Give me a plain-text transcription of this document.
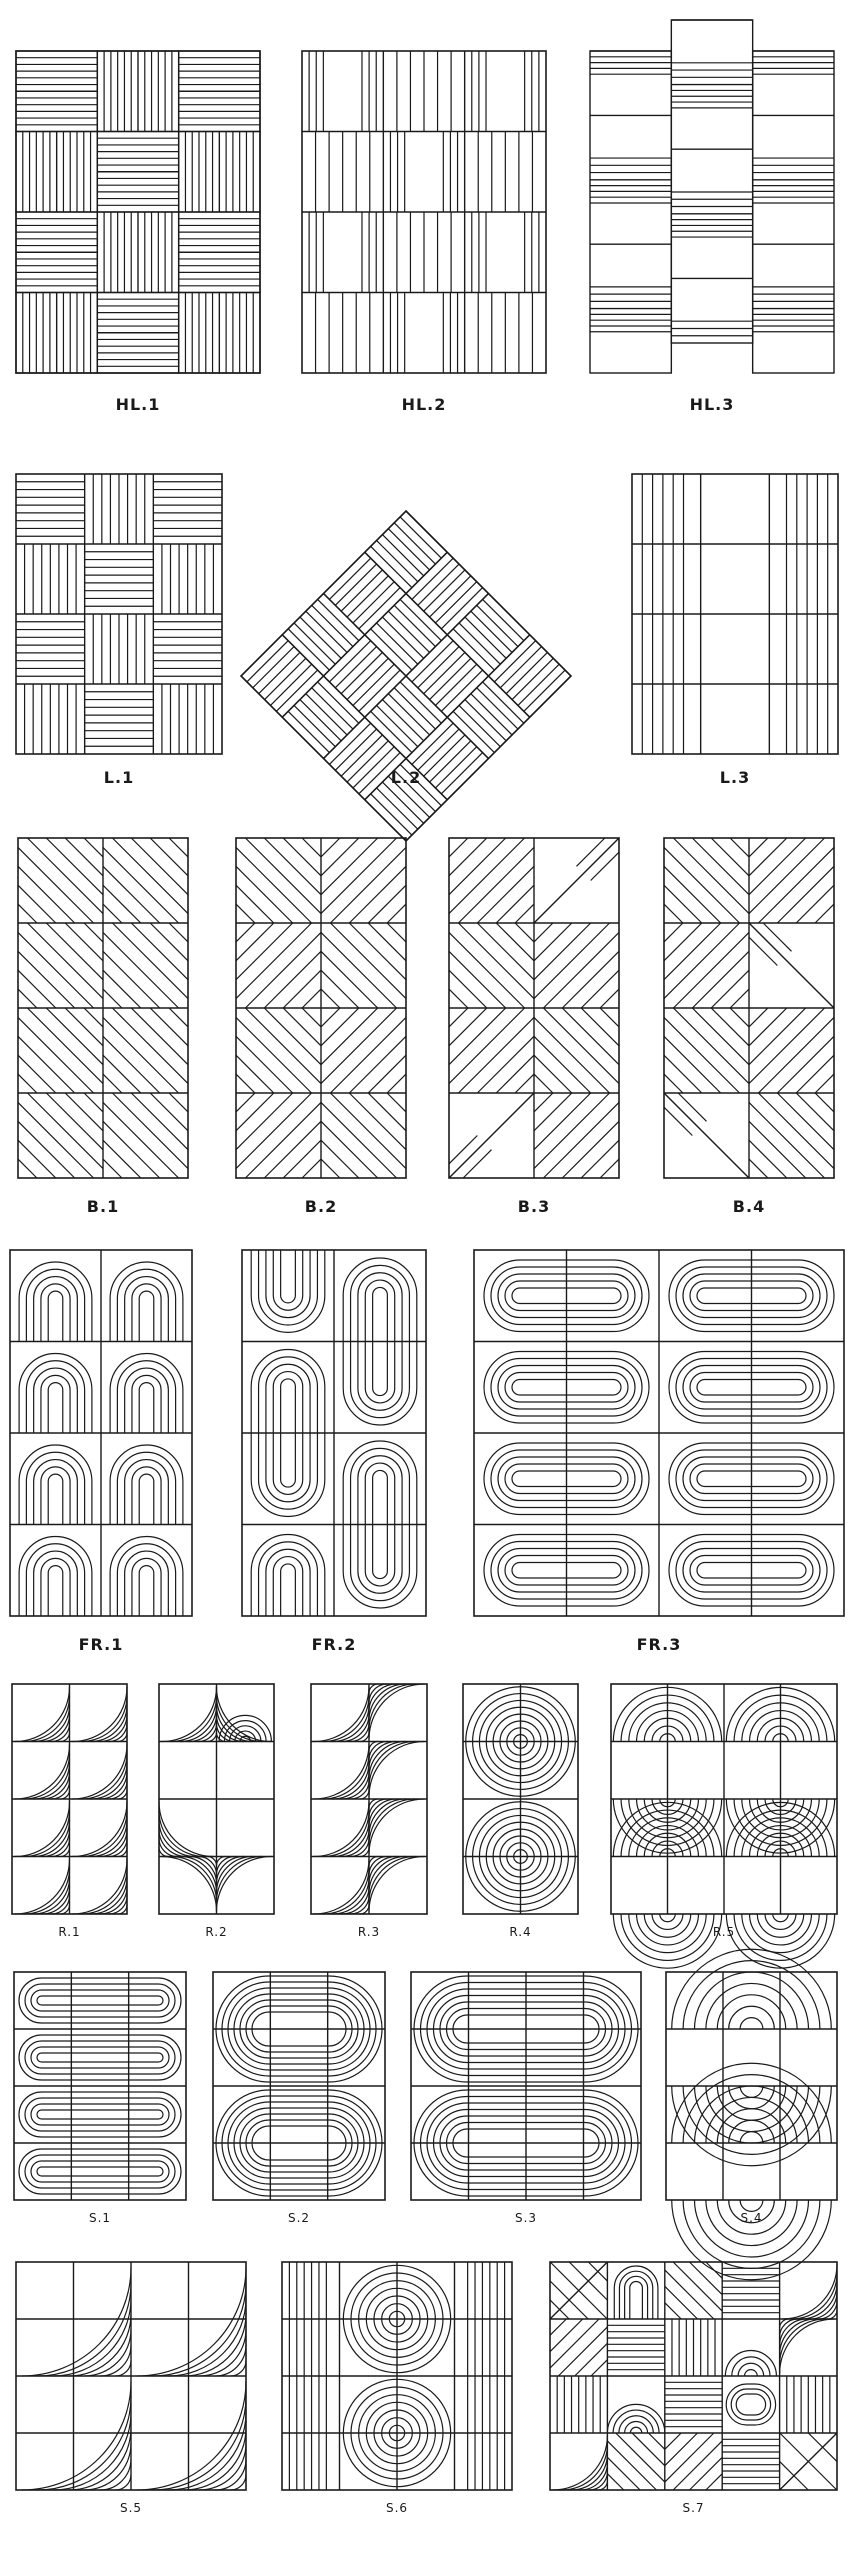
HL.1	HL.2	HL.3
L.1	L.2	L.3
B.1	B.2	B.3	B.4
FR.1	FR.2	FR.3
R.1	R.2	R.3	R.4	R.5
S.1	S.2	S.3	S.4
S.5	S.6	S.7
